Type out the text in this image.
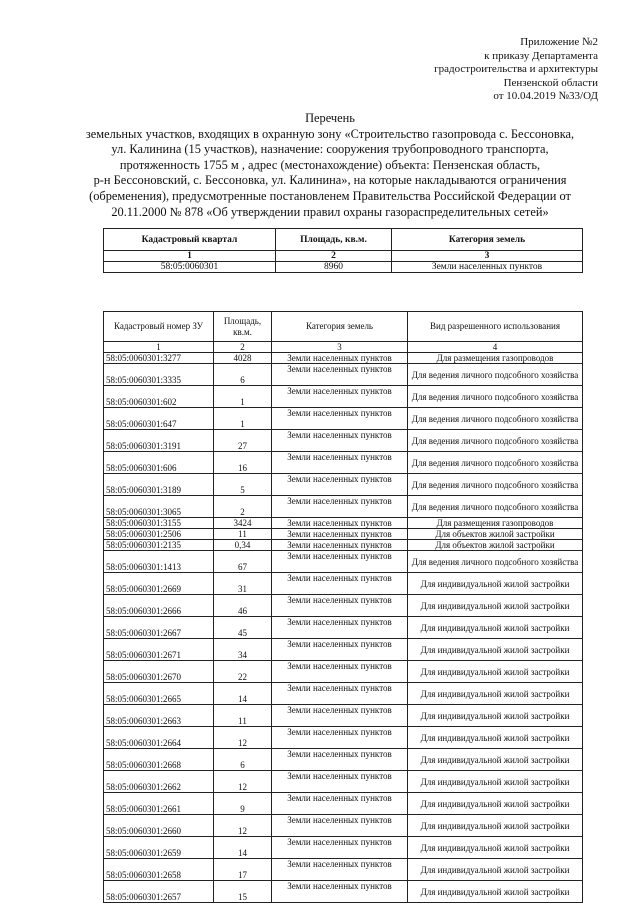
Приложение №2
к приказу Департамента
градостроительства и архитектуры
Пензенской области
от 10.04.2019 №33/ОД
Перечень
земельных участков, входящих в охранную зону «Строительство газопровода с. Бессоновка,
ул. Калинина (15 участков), назначение: сооружения трубопроводного транспорта,
протяженность 1755 м , адрес (местонахождение) объекта: Пензенская область,
р-н Бессоновский, с. Бессоновка, ул. Калинина», на которые накладываются ограничения
(обременения), предусмотренные постановленем Правительства Российской Федерации от
20.11.2000 № 878 «Об утверждении правил охраны газораспределительных сетей»
Кадастровый квартал	Площадь, кв.м.	Категория земель
1	2	3
58:05:0060301	8960	Земли населенных пунктов
Кадастровый номер ЗУ	Площадь, кв.м.	Категория земель	Вид разрешенного использования
1	2	3	4
58:05:0060301:3277	4028	Земли населенных пунктов	Для размещения газопроводов
58:05:0060301:3335	6	Земли населенных пунктов	Для ведения личного подсобного хозяйства
58:05:0060301:602	1	Земли населенных пунктов	Для ведения личного подсобного хозяйства
58:05:0060301:647	1	Земли населенных пунктов	Для ведения личного подсобного хозяйства
58:05:0060301:3191	27	Земли населенных пунктов	Для ведения личного подсобного хозяйства
58:05:0060301:606	16	Земли населенных пунктов	Для ведения личного подсобного хозяйства
58:05:0060301:3189	5	Земли населенных пунктов	Для ведения личного подсобного хозяйства
58:05:0060301:3065	2	Земли населенных пунктов	Для ведения личного подсобного хозяйства
58:05:0060301:3155	3424	Земли населенных пунктов	Для размещения газопроводов
58:05:0060301:2506	11	Земли населенных пунктов	Для объектов жилой застройки
58:05:0060301:2135	0,34	Земли населенных пунктов	Для объектов жилой застройки
58:05:0060301:1413	67	Земли населенных пунктов	Для ведения личного подсобного хозяйства
58:05:0060301:2669	31	Земли населенных пунктов	Для индивидуальной жилой застройки
58:05:0060301:2666	46	Земли населенных пунктов	Для индивидуальной жилой застройки
58:05:0060301:2667	45	Земли населенных пунктов	Для индивидуальной жилой застройки
58:05:0060301:2671	34	Земли населенных пунктов	Для индивидуальной жилой застройки
58:05:0060301:2670	22	Земли населенных пунктов	Для индивидуальной жилой застройки
58:05:0060301:2665	14	Земли населенных пунктов	Для индивидуальной жилой застройки
58:05:0060301:2663	11	Земли населенных пунктов	Для индивидуальной жилой застройки
58:05:0060301:2664	12	Земли населенных пунктов	Для индивидуальной жилой застройки
58:05:0060301:2668	6	Земли населенных пунктов	Для индивидуальной жилой застройки
58:05:0060301:2662	12	Земли населенных пунктов	Для индивидуальной жилой застройки
58:05:0060301:2661	9	Земли населенных пунктов	Для индивидуальной жилой застройки
58:05:0060301:2660	12	Земли населенных пунктов	Для индивидуальной жилой застройки
58:05:0060301:2659	14	Земли населенных пунктов	Для индивидуальной жилой застройки
58:05:0060301:2658	17	Земли населенных пунктов	Для индивидуальной жилой застройки
58:05:0060301:2657	15	Земли населенных пунктов	Для индивидуальной жилой застройки
